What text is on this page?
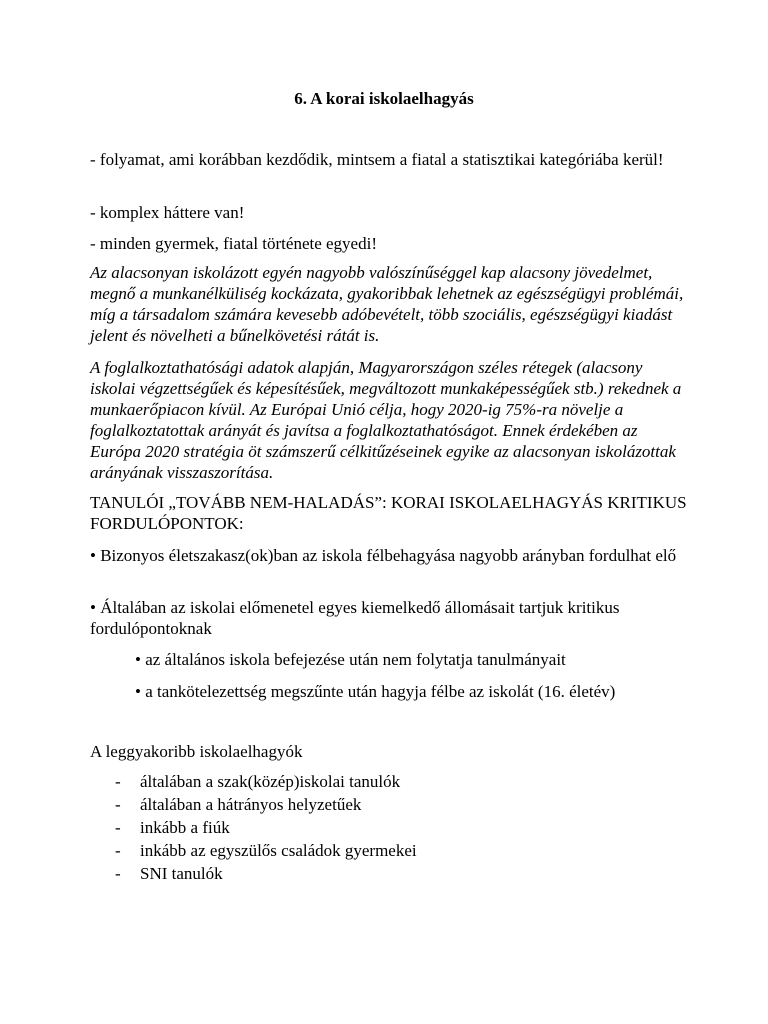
6. A korai iskolaelhagyás
- folyamat, ami korábban kezdődik, mintsem a fiatal a statisztikai kategóriába kerül!
- komplex háttere van!
- minden gyermek, fiatal története egyedi!
Az alacsonyan iskolázott egyén nagyobb valószínűséggel kap alacsony jövedelmet, megnő a munkanélküliség kockázata, gyakoribbak lehetnek az egészségügyi problémái, míg a társadalom számára kevesebb adóbevételt, több szociális, egészségügyi kiadást jelent és növelheti a bűnelkövetési rátát is.
A foglalkoztathatósági adatok alapján, Magyarországon széles rétegek (alacsony iskolai végzettségűek és képesítésűek, megváltozott munkaképességűek stb.) rekednek a munkaerőpiacon kívül. Az Európai Unió célja, hogy 2020-ig 75%-ra növelje a foglalkoztatottak arányát és javítsa a foglalkoztathatóságot. Ennek érdekében az Európa 2020 stratégia öt számszerű célkitűzéseinek egyike az alacsonyan iskolázottak arányának visszaszorítása.
TANULÓI „TOVÁBB NEM-HALADÁS”: KORAI ISKOLAELHAGYÁS KRITIKUS FORDULÓPONTOK:
• Bizonyos életszakasz(ok)ban az iskola félbehagyása nagyobb arányban fordulhat elő
• Általában az iskolai előmenetel egyes kiemelkedő állomásait tartjuk kritikus fordulópontoknak
• az általános iskola befejezése után nem folytatja tanulmányait
• a tankötelezettség megszűnte után hagyja félbe az iskolát (16. életév)
A leggyakoribb iskolaelhagyók
- általában a szak(közép)iskolai tanulók
- általában a hátrányos helyzetűek
- inkább a fiúk
- inkább az egyszülős családok gyermekei
- SNI tanulók
